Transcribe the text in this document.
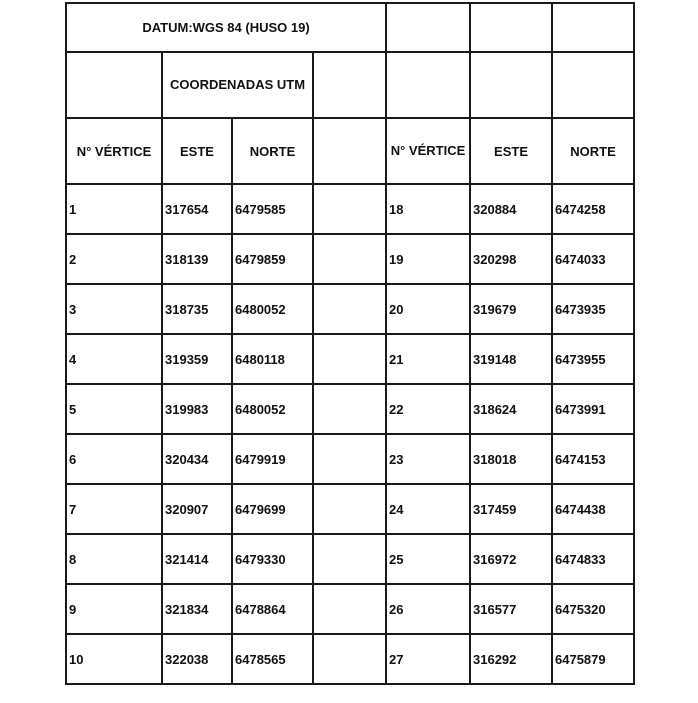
DATUM:WGS 84 (HUSO 19)						
	COORDENADAS UTM					
N° VÉRTICE	ESTE	NORTE		N° VÉRTICE	ESTE	NORTE
1	317654	6479585		18	320884	6474258
2	318139	6479859		19	320298	6474033
3	318735	6480052		20	319679	6473935
4	319359	6480118		21	319148	6473955
5	319983	6480052		22	318624	6473991
6	320434	6479919		23	318018	6474153
7	320907	6479699		24	317459	6474438
8	321414	6479330		25	316972	6474833
9	321834	6478864		26	316577	6475320
10	322038	6478565		27	316292	6475879
